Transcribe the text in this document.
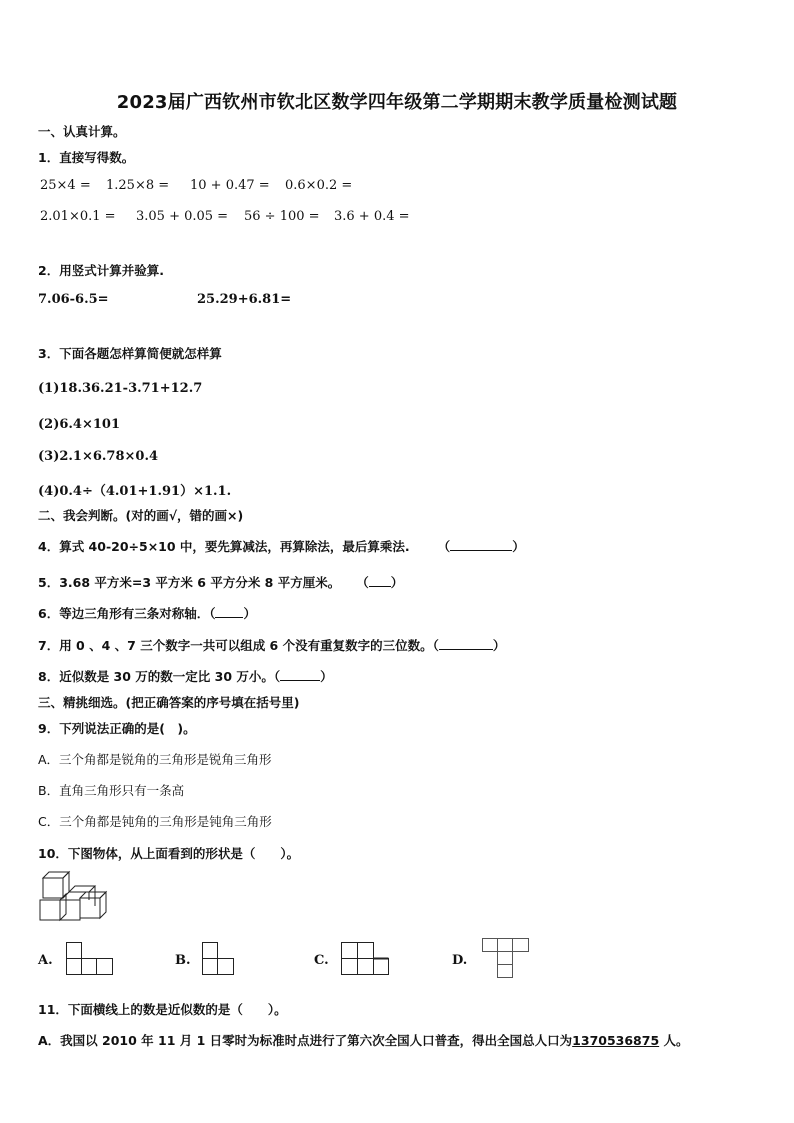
2023届广西钦州市钦北区数学四年级第二学期期末教学质量检测试题
一、认真计算。
1．直接写得数。
25×4 = 1.25×8 = 10 + 0.47 = 0.6×0.2 =
2.01×0.1 = 3.05 + 0.05 = 56 ÷ 100 = 3.6 + 0.4 =
2．用竖式计算并验算.
7.06-6.5=	25.29+6.81=
3．下面各题怎样算简便就怎样算
(1)18.36.21-3.71+12.7
(2)6.4×101
(3)2.1×6.78×0.4
(4)0.4÷（4.01+1.91）×1.1.
二、我会判断。(对的画√，错的画×)
4．算式 40-20÷5×10 中，要先算减法，再算除法，最后算乘法. （	）
5．3.68 平方米=3 平方米 6 平方分米 8 平方厘米。 （ ）
6．等边三角形有三条对称轴．（ ）
7．用 0 、4 、7 三个数字一共可以组成 6 个没有重复数字的三位数。（	）
8．近似数是 30 万的数一定比 30 万小。（	）
三、精挑细选。(把正确答案的序号填在括号里)
9．下列说法正确的是(　)。
A．三个角都是锐角的三角形是锐角三角形
B．直角三角形只有一条高
C．三个角都是钝角的三角形是钝角三角形
10．下图物体，从上面看到的形状是（　　）。
A.	B.	C.	D.
11．下面横线上的数是近似数的是（　　）。
A．我国以 2010 年 11 月 1 日零时为标准时点进行了第六次全国人口普查，得出全国总人口为1370536875 人。
